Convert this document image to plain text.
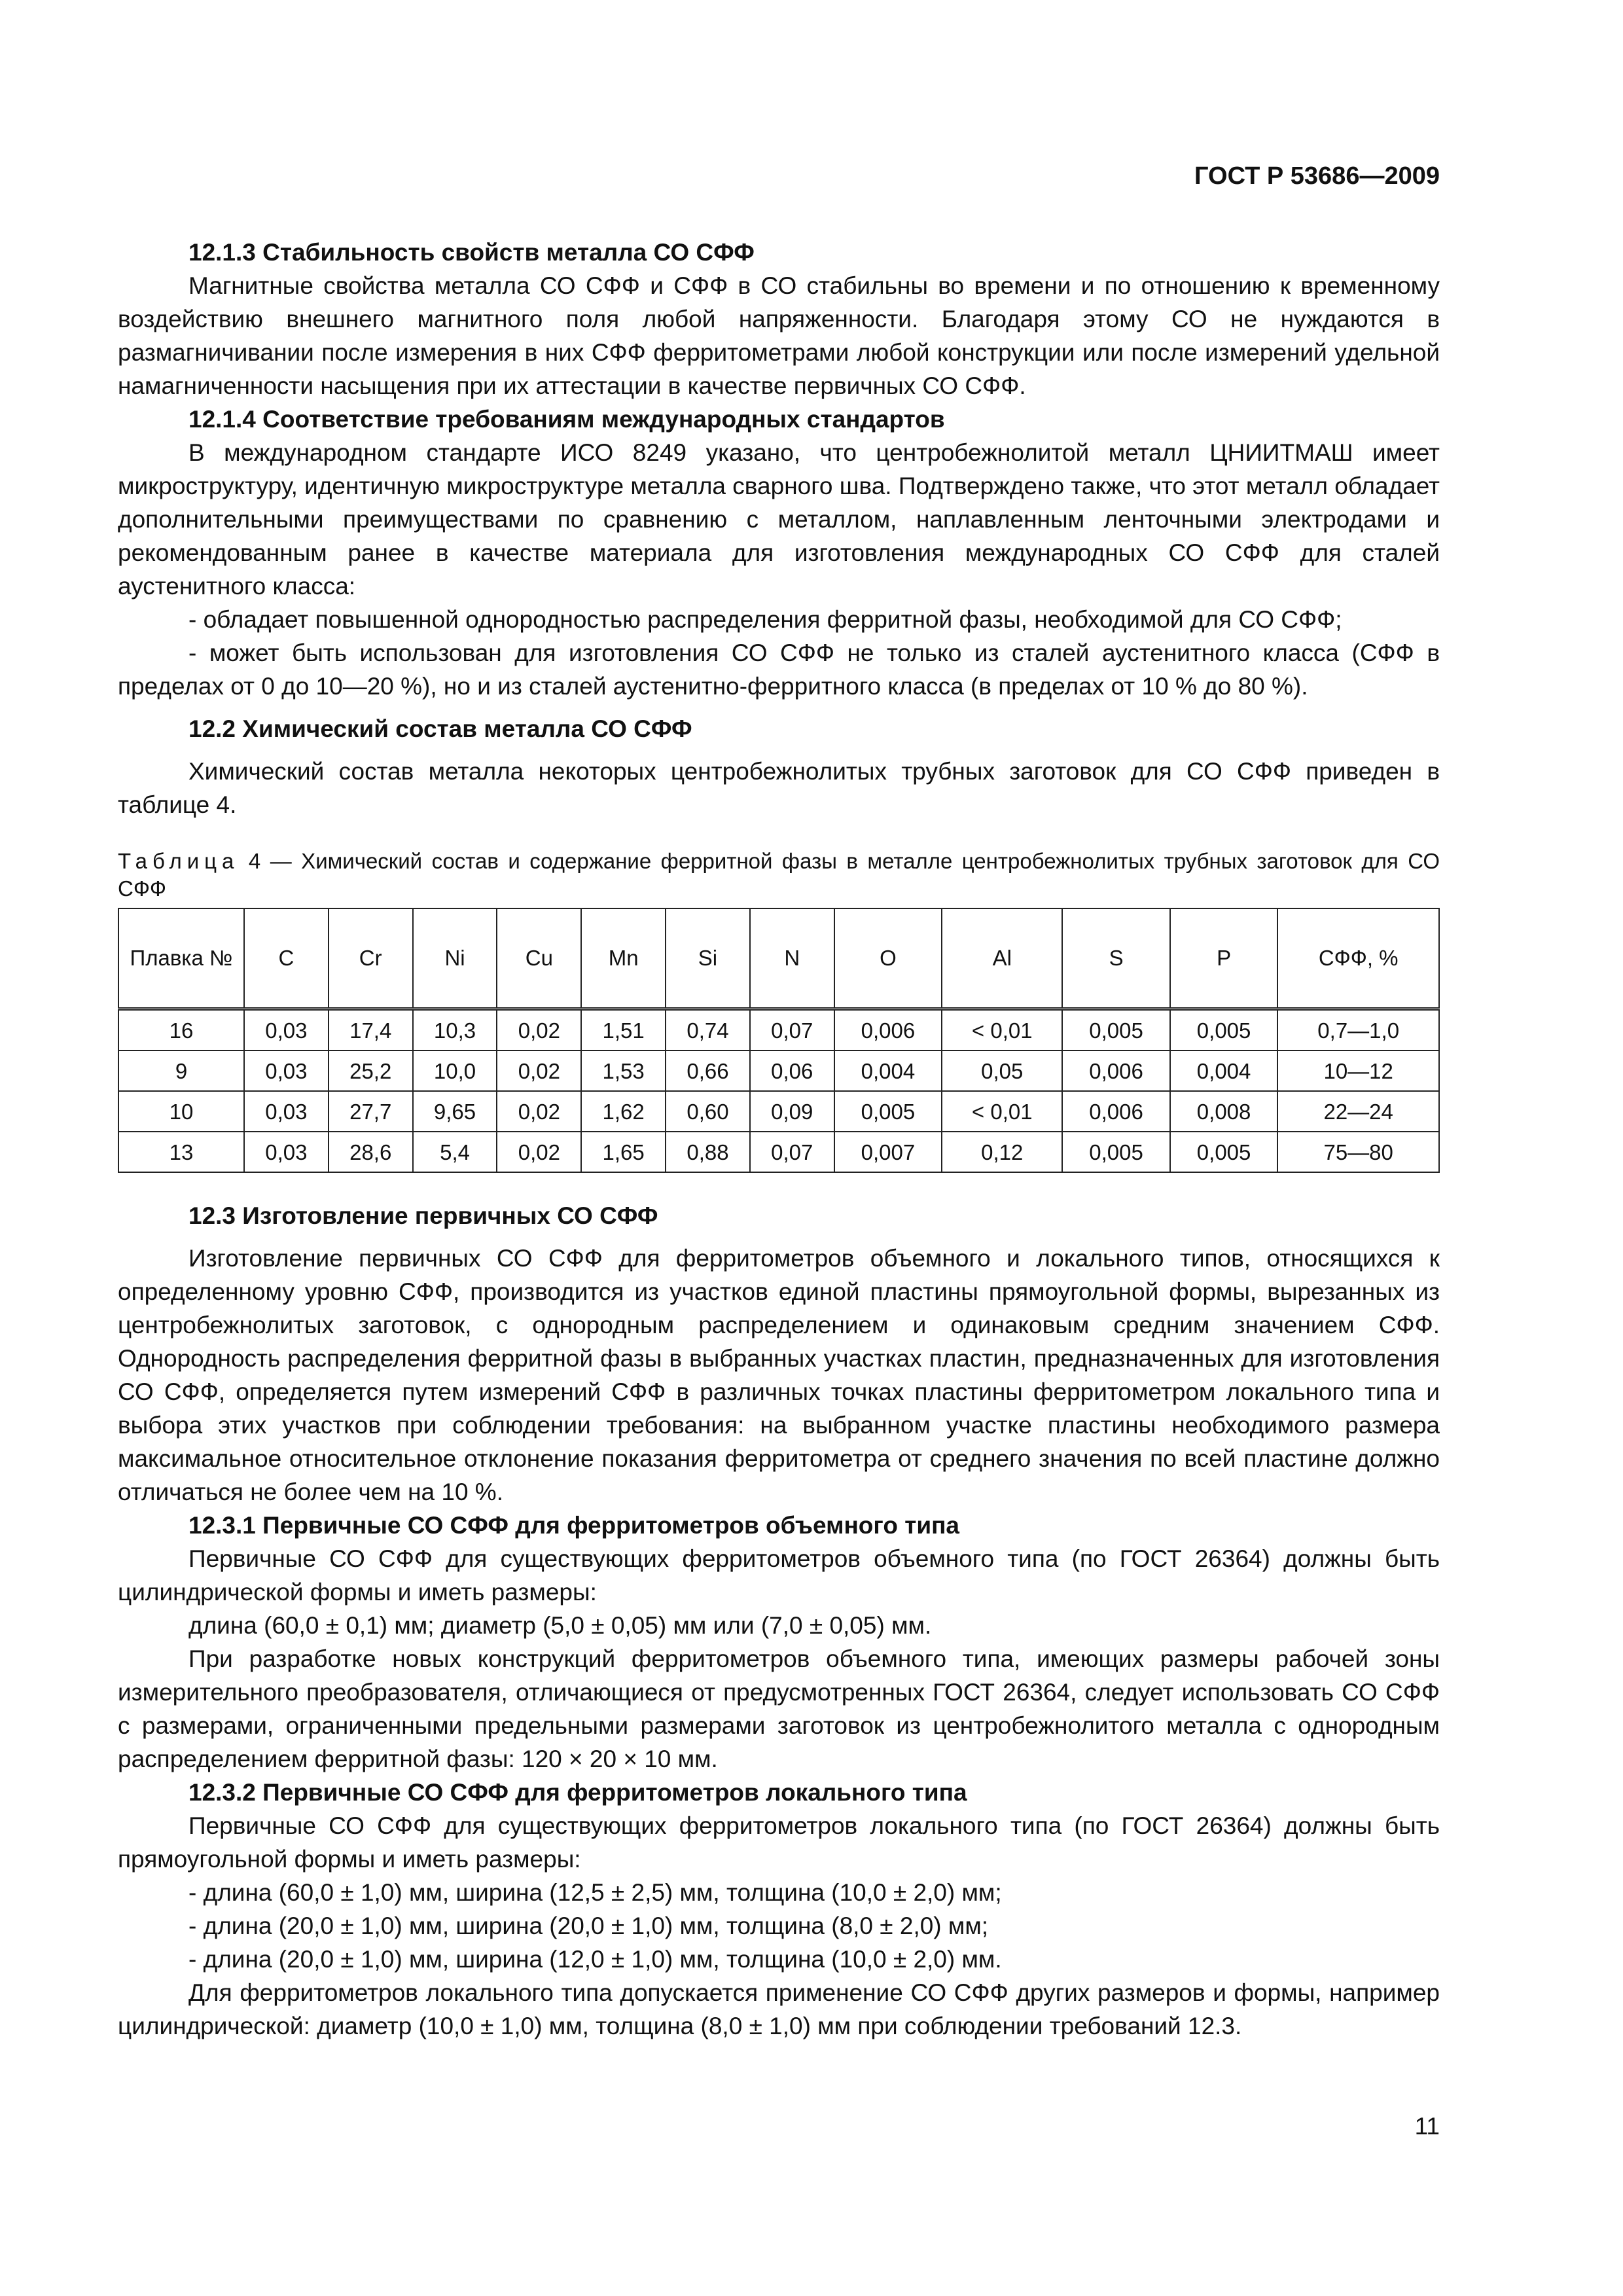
ГОСТ Р 53686—2009

12.1.3 Стабильность свойств металла СО СФФ

Магнитные свойства металла СО СФФ и СФФ в СО стабильны во времени и по отношению к временному воздействию внешнего магнитного поля любой напряженности. Благодаря этому СО не нуждаются в размагничивании после измерения в них СФФ ферритометрами любой конструкции или после измерений удельной намагниченности насыщения при их аттестации в качестве первичных СО СФФ.

12.1.4 Соответствие требованиям международных стандартов

В международном стандарте ИСО 8249 указано, что центробежнолитой металл ЦНИИТМАШ имеет микроструктуру, идентичную микроструктуре металла сварного шва. Подтверждено также, что этот металл обладает дополнительными преимуществами по сравнению с металлом, наплавленным ленточными электродами и рекомендованным ранее в качестве материала для изготовления международных СО СФФ для сталей аустенитного класса:

- обладает повышенной однородностью распределения ферритной фазы, необходимой для СО СФФ;

- может быть использован для изготовления СО СФФ не только из сталей аустенитного класса (СФФ в пределах от 0 до 10—20 %), но и из сталей аустенитно-ферритного класса (в пределах от 10 % до 80 %).

12.2 Химический состав металла СО СФФ

Химический состав металла некоторых центробежнолитых трубных заготовок для СО СФФ приведен в таблице 4.

Таблица 4 — Химический состав и содержание ферритной фазы в металле центробежнолитых трубных заготовок для СО СФФ

Плавка №	C	Cr	Ni	Cu	Mn	Si	N	O	Al	S	P	СФФ, %
16	0,03	17,4	10,3	0,02	1,51	0,74	0,07	0,006	< 0,01	0,005	0,005	0,7—1,0
9	0,03	25,2	10,0	0,02	1,53	0,66	0,06	0,004	0,05	0,006	0,004	10—12
10	0,03	27,7	9,65	0,02	1,62	0,60	0,09	0,005	< 0,01	0,006	0,008	22—24
13	0,03	28,6	5,4	0,02	1,65	0,88	0,07	0,007	0,12	0,005	0,005	75—80

12.3 Изготовление первичных СО СФФ

Изготовление первичных СО СФФ для ферритометров объемного и локального типов, относящихся к определенному уровню СФФ, производится из участков единой пластины прямоугольной формы, вырезанных из центробежнолитых заготовок, с однородным распределением и одинаковым средним значением СФФ. Однородность распределения ферритной фазы в выбранных участках пластин, предназначенных для изготовления СО СФФ, определяется путем измерений СФФ в различных точках пластины ферритометром локального типа и выбора этих участков при соблюдении требования: на выбранном участке пластины необходимого размера максимальное относительное отклонение показания ферритометра от среднего значения по всей пластине должно отличаться не более чем на 10 %.

12.3.1 Первичные СО СФФ для ферритометров объемного типа

Первичные СО СФФ для существующих ферритометров объемного типа (по ГОСТ 26364) должны быть цилиндрической формы и иметь размеры:

длина (60,0 ± 0,1) мм; диаметр (5,0 ± 0,05) мм или (7,0 ± 0,05) мм.

При разработке новых конструкций ферритометров объемного типа, имеющих размеры рабочей зоны измерительного преобразователя, отличающиеся от предусмотренных ГОСТ 26364, следует использовать СО СФФ с размерами, ограниченными предельными размерами заготовок из центробежнолитого металла с однородным распределением ферритной фазы: 120 × 20 × 10 мм.

12.3.2 Первичные СО СФФ для ферритометров локального типа

Первичные СО СФФ для существующих ферритометров локального типа (по ГОСТ 26364) должны быть прямоугольной формы и иметь размеры:

- длина (60,0 ± 1,0) мм, ширина (12,5 ± 2,5) мм, толщина (10,0 ± 2,0) мм;

- длина (20,0 ± 1,0) мм, ширина (20,0 ± 1,0) мм, толщина (8,0 ± 2,0) мм;

- длина (20,0 ± 1,0) мм, ширина (12,0 ± 1,0) мм, толщина (10,0 ± 2,0) мм.

Для ферритометров локального типа допускается применение СО СФФ других размеров и формы, например цилиндрической: диаметр (10,0 ± 1,0) мм, толщина (8,0 ± 1,0) мм при соблюдении требований 12.3.

11
